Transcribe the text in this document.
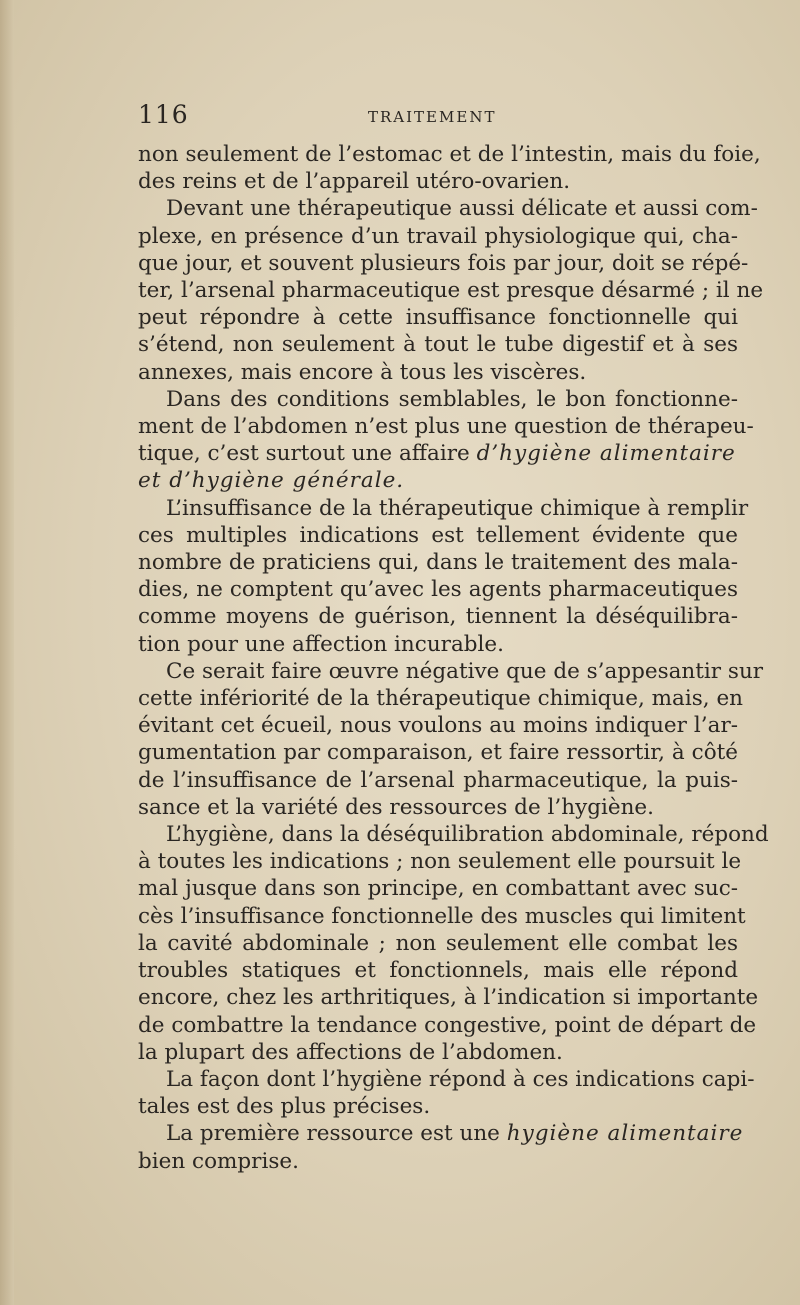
116	TRAITEMENT
non seulement de l’estomac et de l’intestin, mais du foie,
des reins et de l’appareil utéro-ovarien.
Devant une thérapeutique aussi délicate et aussi com-
plexe, en présence d’un travail physiologique qui, cha-
que jour, et souvent plusieurs fois par jour, doit se répé-
ter, l’arsenal pharmaceutique est presque désarmé ; il ne
peut répondre à cette insuffisance fonctionnelle qui
s’étend, non seulement à tout le tube digestif et à ses
annexes, mais encore à tous les viscères.
Dans des conditions semblables, le bon fonctionne-
ment de l’abdomen n’est plus une question de thérapeu-
tique, c’est surtout une affaire d’hygiène alimentaire
et d’hygiène générale.
L’insuffisance de la thérapeutique chimique à remplir
ces multiples indications est tellement évidente que
nombre de praticiens qui, dans le traitement des mala-
dies, ne comptent qu’avec les agents pharmaceutiques
comme moyens de guérison, tiennent la déséquilibra-
tion pour une affection incurable.
Ce serait faire œuvre négative que de s’appesantir sur
cette infériorité de la thérapeutique chimique, mais, en
évitant cet écueil, nous voulons au moins indiquer l’ar-
gumentation par comparaison, et faire ressortir, à côté
de l’insuffisance de l’arsenal pharmaceutique, la puis-
sance et la variété des ressources de l’hygiène.
L’hygiène, dans la déséquilibration abdominale, répond
à toutes les indications ; non seulement elle poursuit le
mal jusque dans son principe, en combattant avec suc-
cès l’insuffisance fonctionnelle des muscles qui limitent
la cavité abdominale ; non seulement elle combat les
troubles statiques et fonctionnels, mais elle répond
encore, chez les arthritiques, à l’indication si importante
de combattre la tendance congestive, point de départ de
la plupart des affections de l’abdomen.
La façon dont l’hygiène répond à ces indications capi-
tales est des plus précises.
La première ressource est une hygiène alimentaire
bien comprise.
